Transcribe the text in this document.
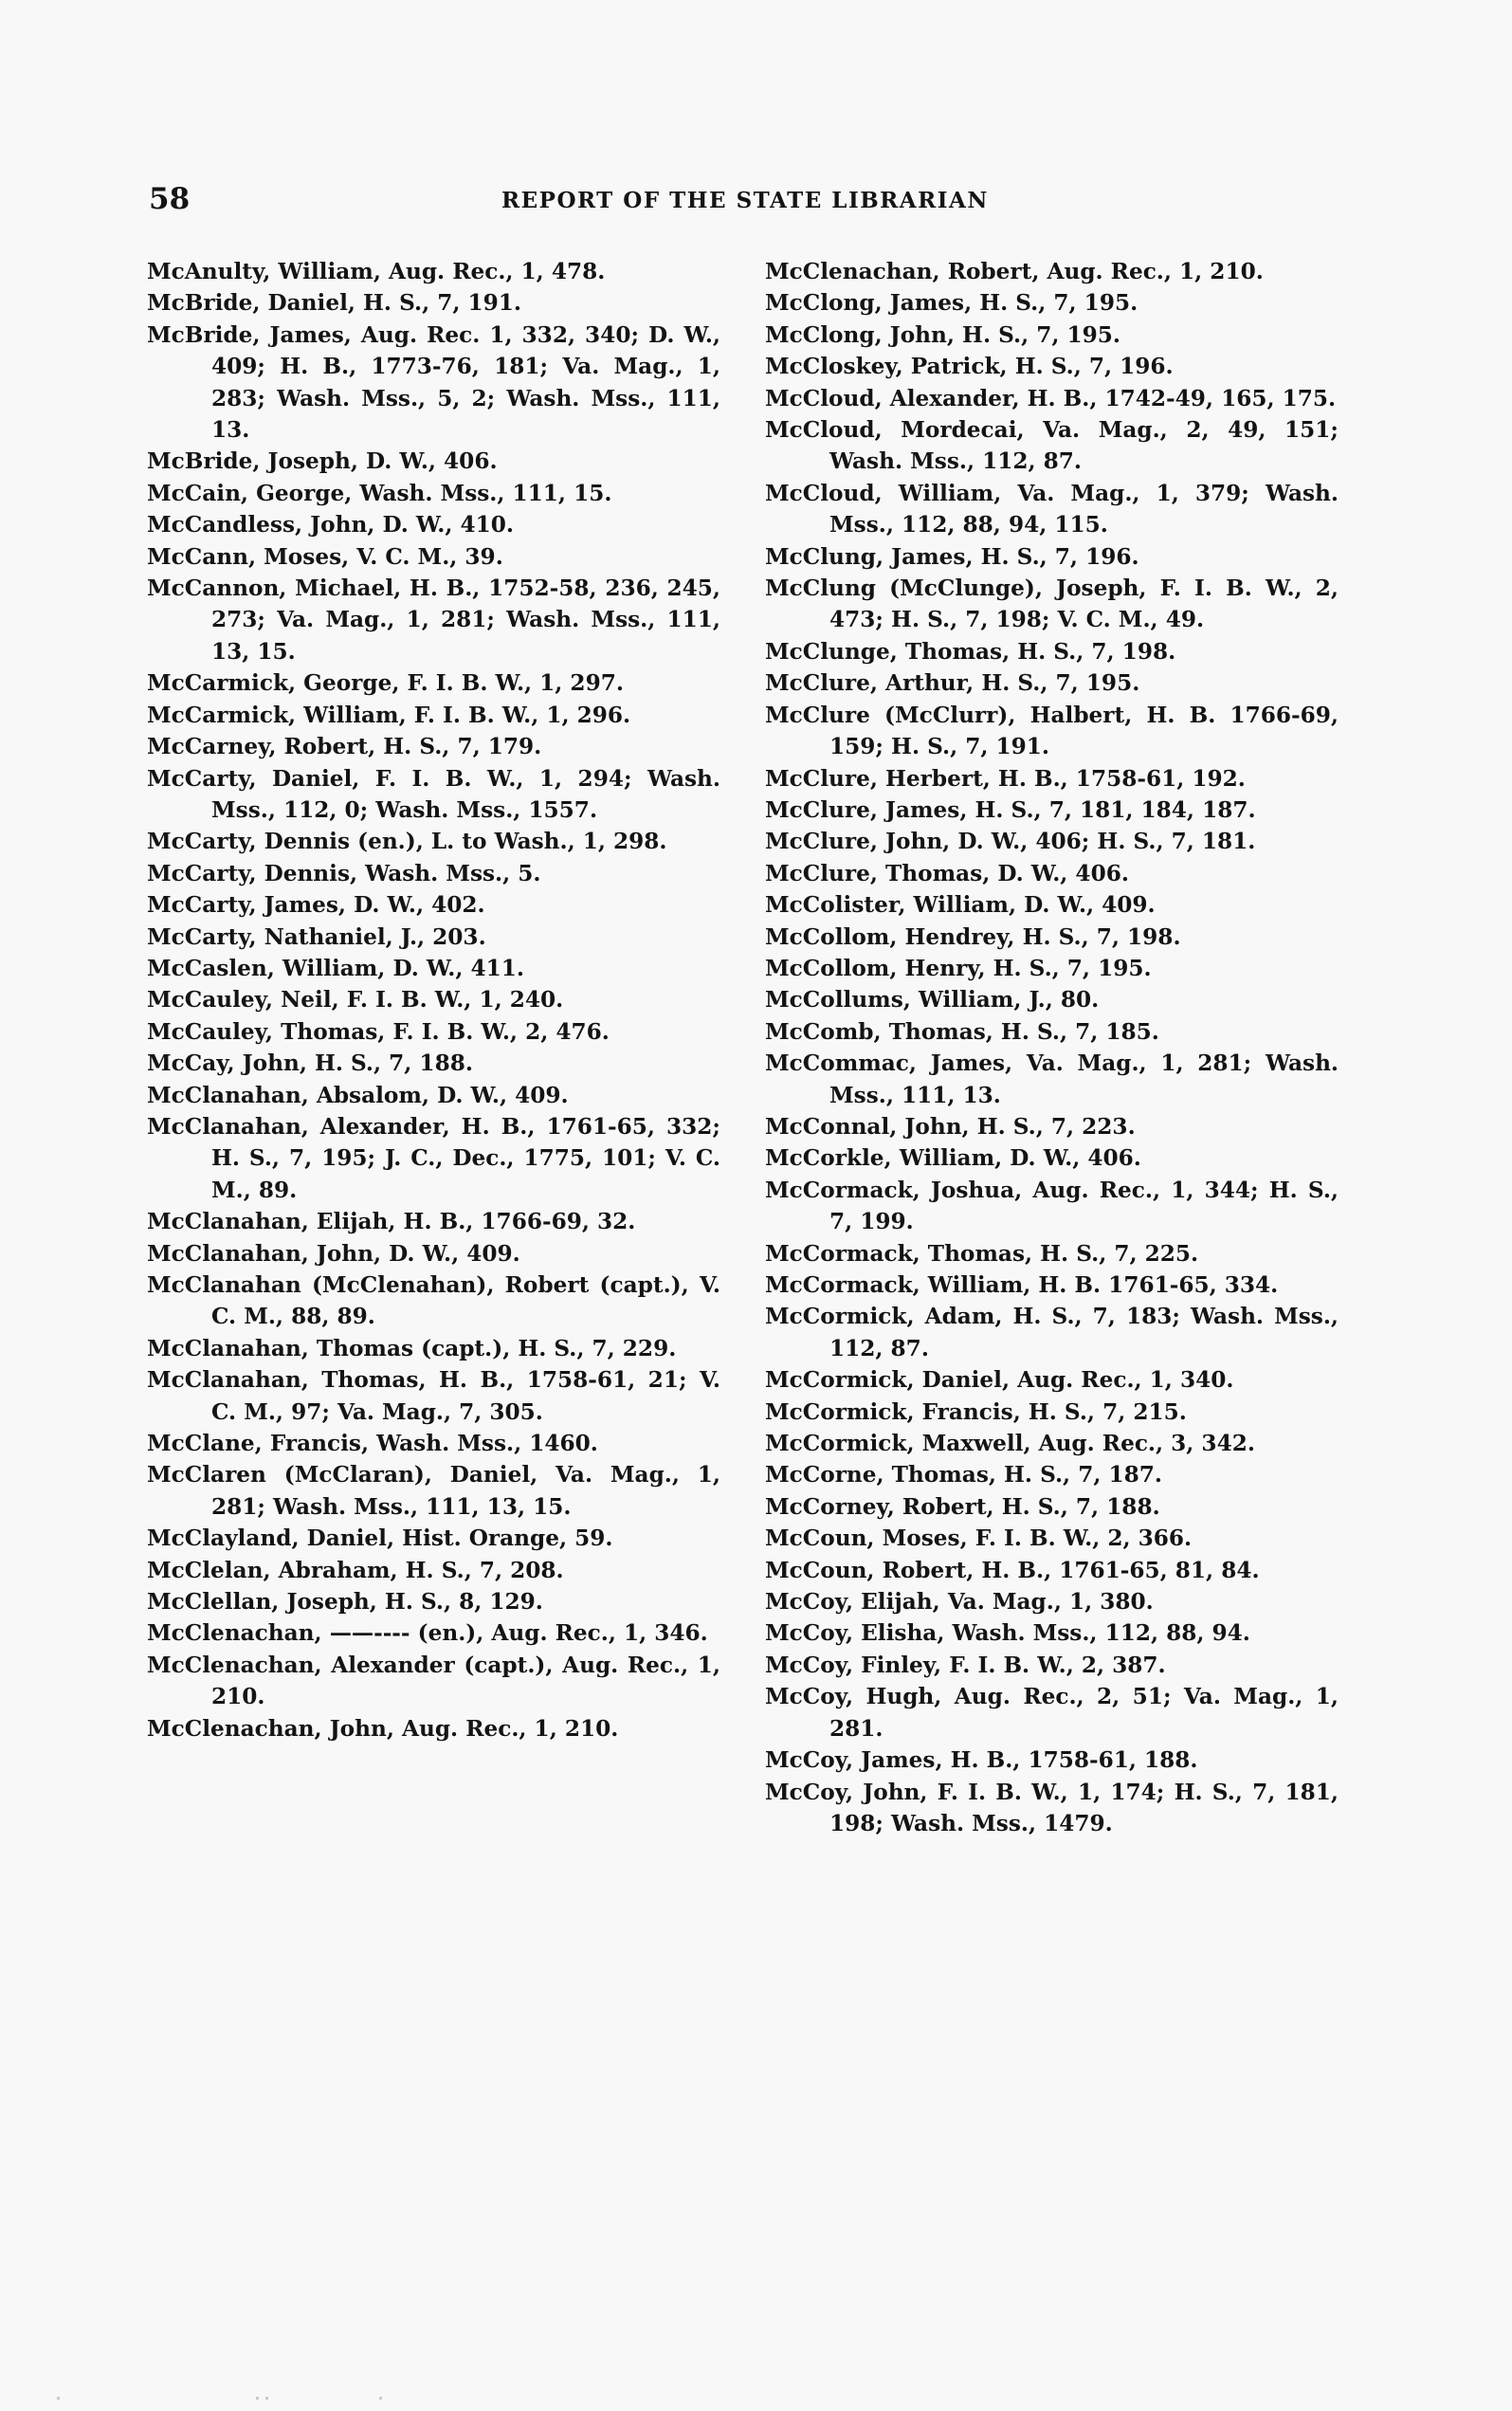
58	REPORT OF THE STATE LIBRARIAN

McAnulty, William, Aug. Rec., 1, 478.

McBride, Daniel, H. S., 7, 191.

McBride, James, Aug. Rec. 1, 332, 340; D. W., 409; H. B., 1773-76, 181; Va. Mag., 1, 283; Wash. Mss., 5, 2; Wash. Mss., 111, 13.

McBride, Joseph, D. W., 406.

McCain, George, Wash. Mss., 111, 15.

McCandless, John, D. W., 410.

McCann, Moses, V. C. M., 39.

McCannon, Michael, H. B., 1752-58, 236, 245, 273; Va. Mag., 1, 281; Wash. Mss., 111, 13, 15.

McCarmick, George, F. I. B. W., 1, 297.

McCarmick, William, F. I. B. W., 1, 296.

McCarney, Robert, H. S., 7, 179.

McCarty, Daniel, F. I. B. W., 1, 294; Wash. Mss., 112, 0; Wash. Mss., 1557.

McCarty, Dennis (en.), L. to Wash., 1, 298.

McCarty, Dennis, Wash. Mss., 5.

McCarty, James, D. W., 402.

McCarty, Nathaniel, J., 203.

McCaslen, William, D. W., 411.

McCauley, Neil, F. I. B. W., 1, 240.

McCauley, Thomas, F. I. B. W., 2, 476.

McCay, John, H. S., 7, 188.

McClanahan, Absalom, D. W., 409.

McClanahan, Alexander, H. B., 1761-65, 332; H. S., 7, 195; J. C., Dec., 1775, 101; V. C. M., 89.

McClanahan, Elijah, H. B., 1766-69, 32.

McClanahan, John, D. W., 409.

McClanahan (McClenahan), Robert (capt.), V. C. M., 88, 89.

McClanahan, Thomas (capt.), H. S., 7, 229.

McClanahan, Thomas, H. B., 1758-61, 21; V. C. M., 97; Va. Mag., 7, 305.

McClane, Francis, Wash. Mss., 1460.

McClaren (McClaran), Daniel, Va. Mag., 1, 281; Wash. Mss., 111, 13, 15.

McClayland, Daniel, Hist. Orange, 59.

McClelan, Abraham, H. S., 7, 208.

McClellan, Joseph, H. S., 8, 129.

McClenachan, ——---- (en.), Aug. Rec., 1, 346.

McClenachan, Alexander (capt.), Aug. Rec., 1, 210.

McClenachan, John, Aug. Rec., 1, 210.

McClenachan, Robert, Aug. Rec., 1, 210.

McClong, James, H. S., 7, 195.

McClong, John, H. S., 7, 195.

McCloskey, Patrick, H. S., 7, 196.

McCloud, Alexander, H. B., 1742-49, 165, 175.

McCloud, Mordecai, Va. Mag., 2, 49, 151; Wash. Mss., 112, 87.

McCloud, William, Va. Mag., 1, 379; Wash. Mss., 112, 88, 94, 115.

McClung, James, H. S., 7, 196.

McClung (McClunge), Joseph, F. I. B. W., 2, 473; H. S., 7, 198; V. C. M., 49.

McClunge, Thomas, H. S., 7, 198.

McClure, Arthur, H. S., 7, 195.

McClure (McClurr), Halbert, H. B. 1766-69, 159; H. S., 7, 191.

McClure, Herbert, H. B., 1758-61, 192.

McClure, James, H. S., 7, 181, 184, 187.

McClure, John, D. W., 406; H. S., 7, 181.

McClure, Thomas, D. W., 406.

McColister, William, D. W., 409.

McCollom, Hendrey, H. S., 7, 198.

McCollom, Henry, H. S., 7, 195.

McCollums, William, J., 80.

McComb, Thomas, H. S., 7, 185.

McCommac, James, Va. Mag., 1, 281; Wash. Mss., 111, 13.

McConnal, John, H. S., 7, 223.

McCorkle, William, D. W., 406.

McCormack, Joshua, Aug. Rec., 1, 344; H. S., 7, 199.

McCormack, Thomas, H. S., 7, 225.

McCormack, William, H. B. 1761-65, 334.

McCormick, Adam, H. S., 7, 183; Wash. Mss., 112, 87.

McCormick, Daniel, Aug. Rec., 1, 340.

McCormick, Francis, H. S., 7, 215.

McCormick, Maxwell, Aug. Rec., 3, 342.

McCorne, Thomas, H. S., 7, 187.

McCorney, Robert, H. S., 7, 188.

McCoun, Moses, F. I. B. W., 2, 366.

McCoun, Robert, H. B., 1761-65, 81, 84.

McCoy, Elijah, Va. Mag., 1, 380.

McCoy, Elisha, Wash. Mss., 112, 88, 94.

McCoy, Finley, F. I. B. W., 2, 387.

McCoy, Hugh, Aug. Rec., 2, 51; Va. Mag., 1, 281.

McCoy, James, H. B., 1758-61, 188.

McCoy, John, F. I. B. W., 1, 174; H. S., 7, 181, 198; Wash. Mss., 1479.
